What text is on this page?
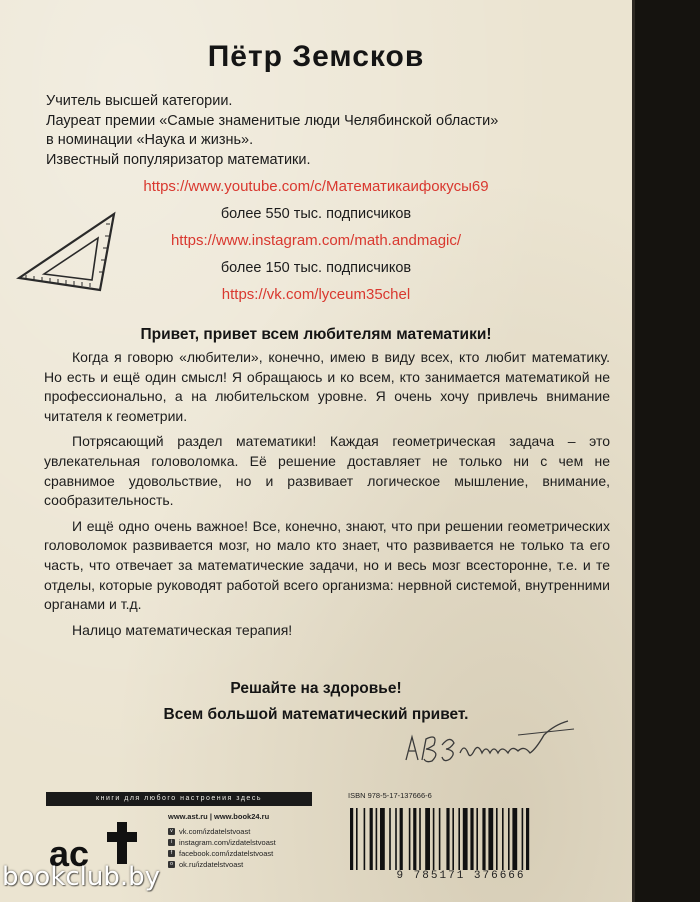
Пётр Земсков
Учитель высшей категории.
Лауреат премии «Самые знаменитые люди Челябинской области»
в номинации «Наука и жизнь».
Известный популяризатор математики.
https://www.youtube.com/c/Математикаифокусы69
более 550 тыс. подписчиков
https://www.instagram.com/math.andmagic/
более 150 тыс. подписчиков
https://vk.com/lyceum35chel
Привет, привет всем любителям математики!
Когда я говорю «любители», конечно, имею в виду всех, кто любит математику. Но есть и ещё один смысл! Я обращаюсь и ко всем, кто занимается математикой не профессионально, а на любительском уровне. Я очень хочу привлечь внимание читателя к геометрии.
Потрясающий раздел математики! Каждая геометрическая задача – это увлекательная головоломка. Её решение доставляет не только ни с чем не сравнимое удовольствие, но и развивает логическое мышление, внимание, сообразительность.
И ещё одно очень важное! Все, конечно, знают, что при решении геометрических головоломок развивается мозг, но мало кто знает, что развивается не только та его часть, что отвечает за математические задачи, но и весь мозг всесторонне, т.е. и те отделы, которые руководят работой всего организма: нервной системой, внутренними органами и т.д.
Налицо математическая терапия!
Решайте на здоровье!
Всем большой математический привет.
книги для любого настроения здесь	ISBN 978-5-17-137666-6
ac
www.ast.ru | www.book24.ru
v vk.com/izdatelstvoast
i instagram.com/izdatelstvoast
f facebook.com/izdatelstvoast
o ok.ru/izdatelstvoast
9 785171 376666
bookclub.by
